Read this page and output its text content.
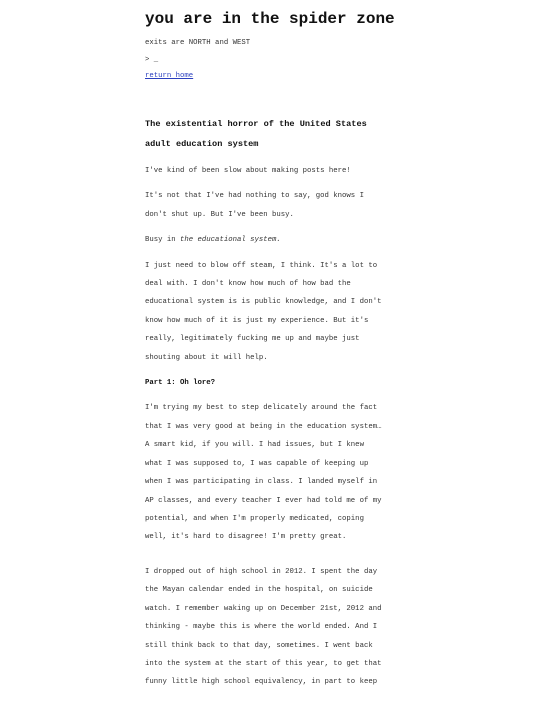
you are in the spider zone
exits are NORTH and WEST
> _
return home

The existential horror of the United States

adult education system

I've kind of been slow about making posts here!

It's not that I've had nothing to say, god knows I

don't shut up. But I've been busy.

Busy in the educational system.

I just need to blow off steam, I think. It's a lot to

deal with. I don't know how much of how bad the

educational system is is public knowledge, and I don't

know how much of it is just my experience. But it's

really, legitimately fucking me up and maybe just

shouting about it will help.

Part 1: Oh lore?

I'm trying my best to step delicately around the fact

that I was very good at being in the education system…

A smart kid, if you will. I had issues, but I knew

what I was supposed to, I was capable of keeping up

when I was participating in class. I landed myself in

AP classes, and every teacher I ever had told me of my

potential, and when I'm properly medicated, coping

well, it's hard to disagree! I'm pretty great.

I dropped out of high school in 2012. I spent the day

the Mayan calendar ended in the hospital, on suicide

watch. I remember waking up on December 21st, 2012 and

thinking - maybe this is where the world ended. And I

still think back to that day, sometimes. I went back

into the system at the start of this year, to get that

funny little high school equivalency, in part to keep
